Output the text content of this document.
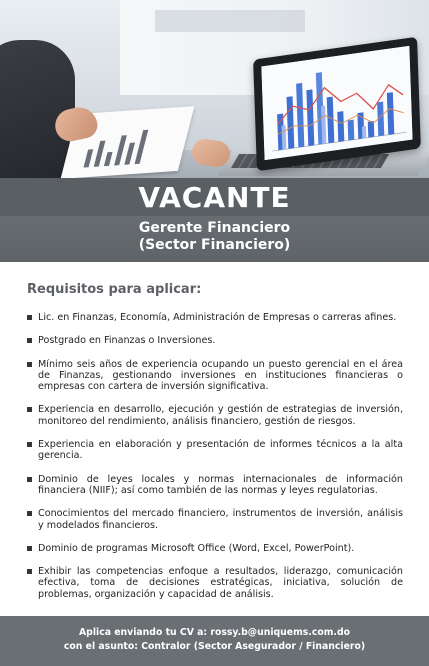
VACANTE
Gerente Financiero
(Sector Financiero)
Requisitos para aplicar:
Lic. en Finanzas, Economía, Administración de Empresas o carreras afines.
Postgrado en Finanzas o Inversiones.
Mínimo seis años de experiencia ocupando un puesto gerencial en el área de Finanzas, gestionando inversiones en instituciones financieras o empresas con cartera de inversión significativa.
Experiencia en desarrollo, ejecución y gestión de estrategias de inversión, monitoreo del rendimiento, análisis financiero, gestión de riesgos.
Experiencia en elaboración y presentación de informes técnicos a la alta gerencia.
Dominio de leyes locales y normas internacionales de información financiera (NIIF); así como también de las normas y leyes regulatorias.
Conocimientos del mercado financiero, instrumentos de inversión, análisis y modelados financieros.
Dominio de programas Microsoft Office (Word, Excel, PowerPoint).
Exhibir las competencias enfoque a resultados, liderazgo, comunicación efectiva, toma de decisiones estratégicas, iniciativa, solución de problemas, organización y capacidad de análisis.
Aplica enviando tu CV a: rossy.b@uniquems.com.do
con el asunto: Contralor (Sector Asegurador / Financiero)
